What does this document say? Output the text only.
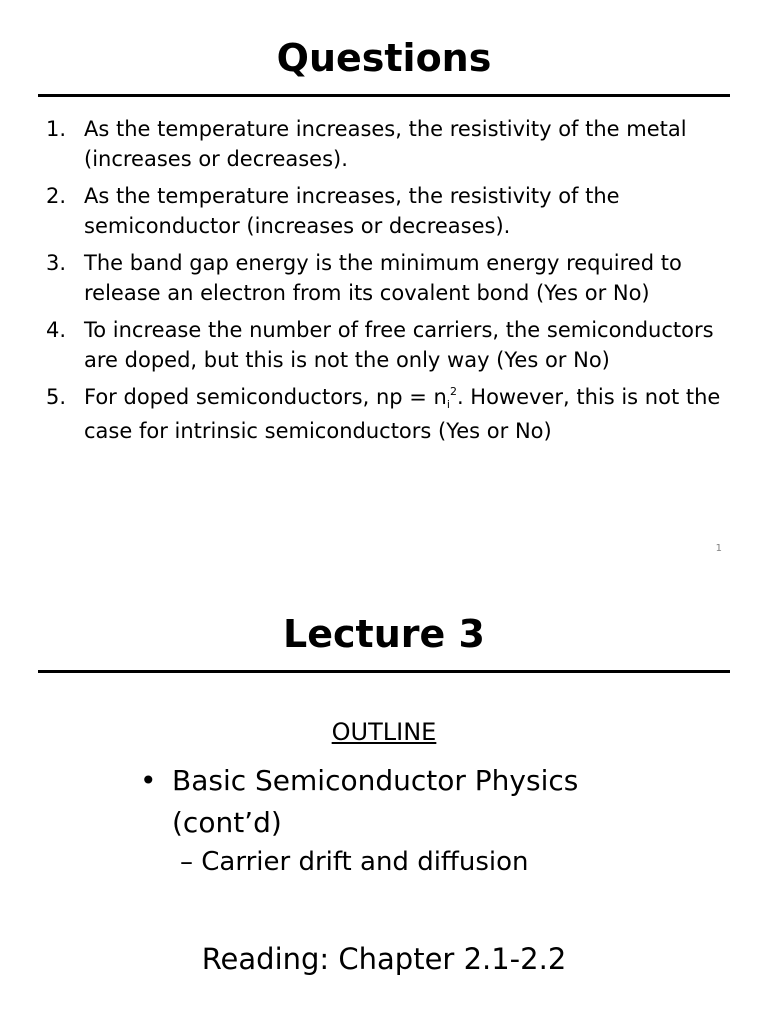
Questions
1. As the temperature increases, the resistivity of the metal
(increases or decreases).
2. As the temperature increases, the resistivity of the
semiconductor (increases or decreases).
3. The band gap energy is the minimum energy required to
release an electron from its covalent bond (Yes or No)
4. To increase the number of free carriers, the semiconductors
are doped, but this is not the only way (Yes or No)
5. For doped semiconductors, np = $n_i^2$. However, this is not the
case for intrinsic semiconductors (Yes or No)
1
Lecture 3
OUTLINE
• Basic Semiconductor Physics
(cont’d)
– Carrier drift and diffusion
Reading: Chapter 2.1-2.2
